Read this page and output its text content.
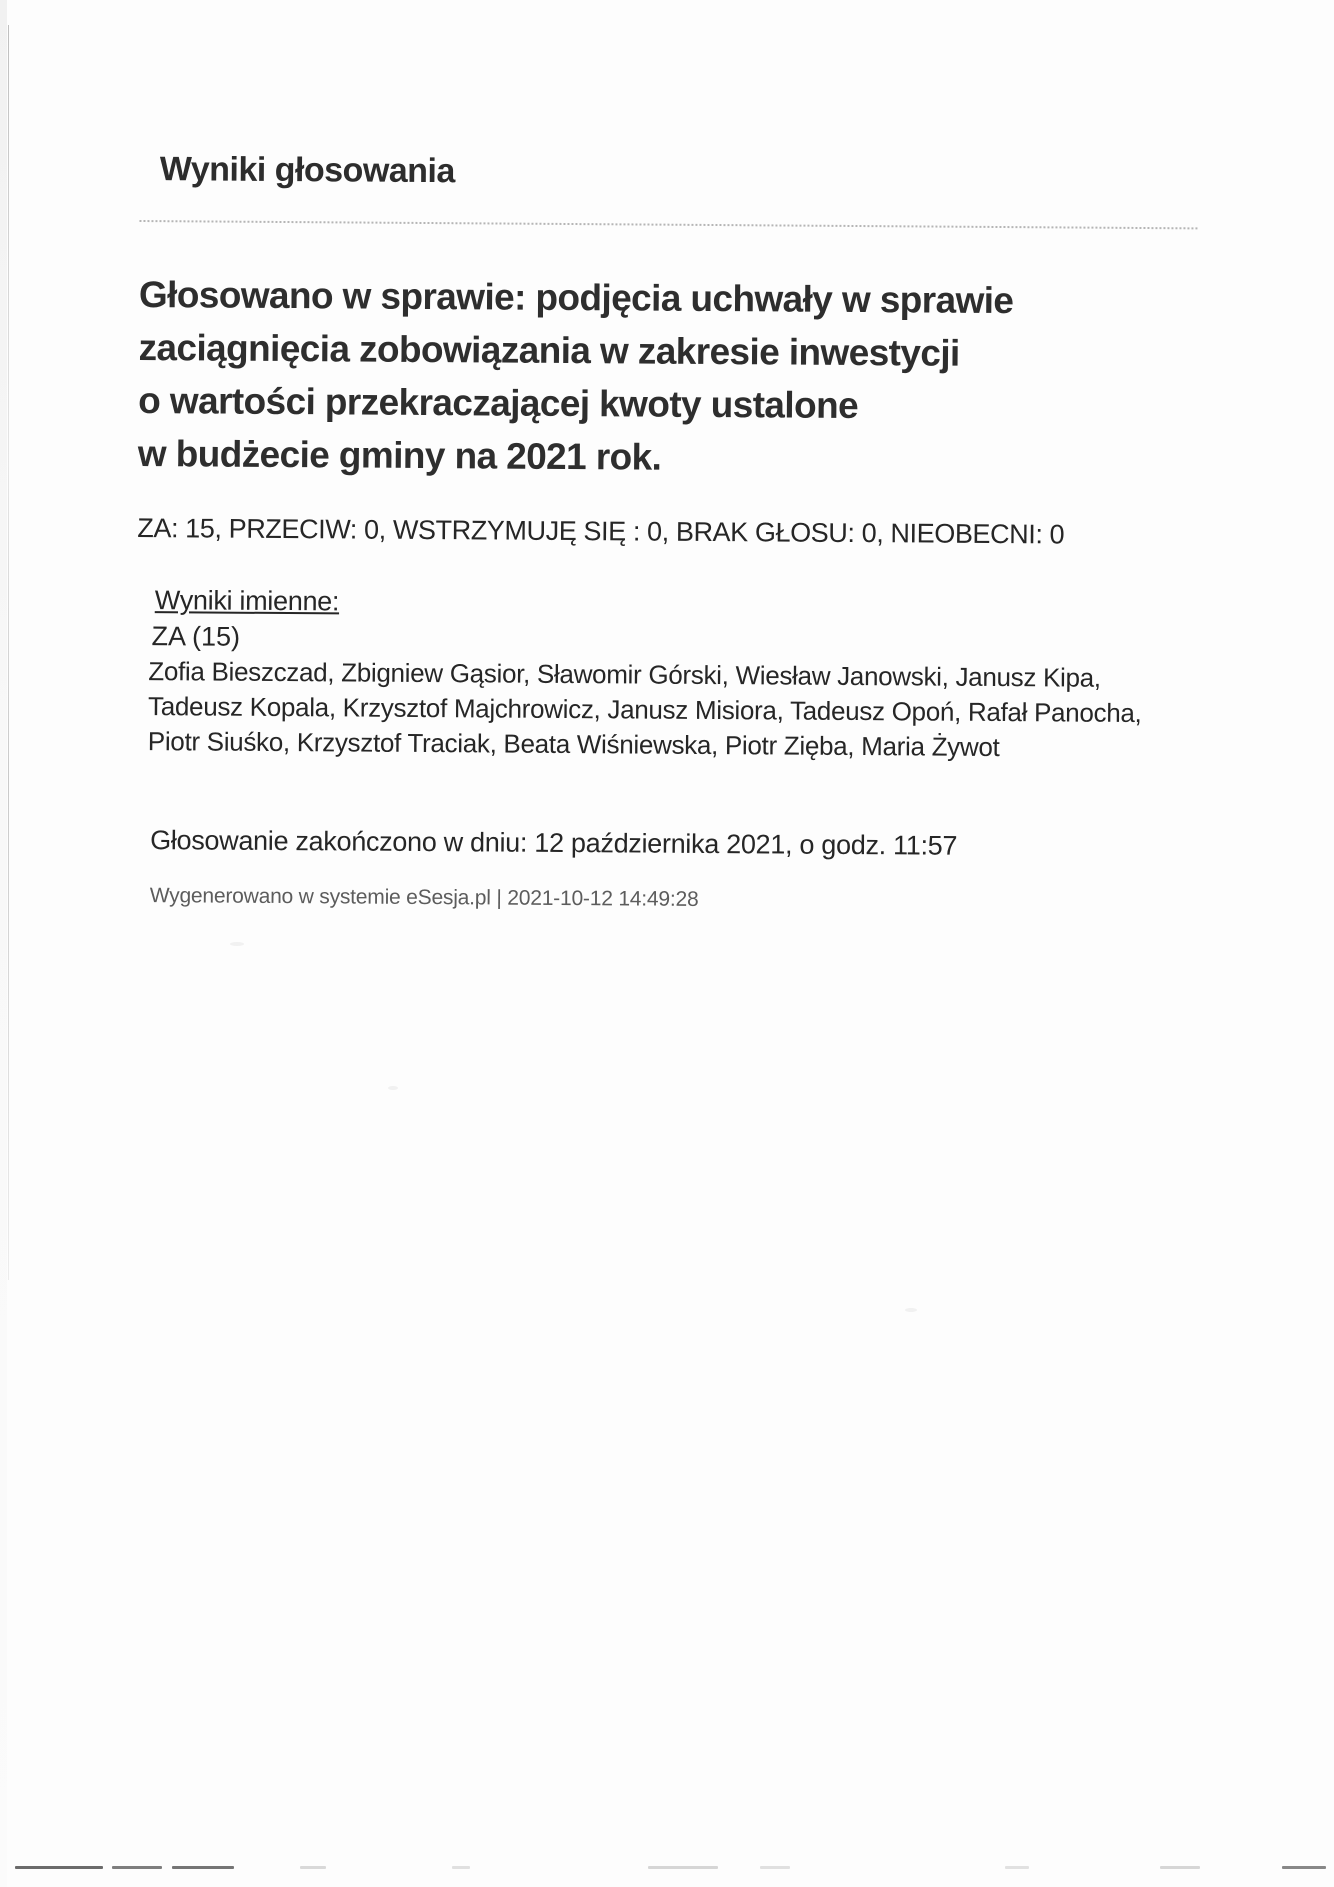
Wyniki głosowania
Głosowano w sprawie: podjęcia uchwały w sprawie
zaciągnięcia zobowiązania w zakresie inwestycji
o wartości przekraczającej kwoty ustalone
w budżecie gminy na 2021 rok.

ZA: 15, PRZECIW: 0, WSTRZYMUJĘ SIĘ : 0, BRAK GŁOSU: 0, NIEOBECNI: 0

Wyniki imienne:

ZA (15)

Zofia Bieszczad, Zbigniew Gąsior, Sławomir Górski, Wiesław Janowski, Janusz Kipa,
Tadeusz Kopala, Krzysztof Majchrowicz, Janusz Misiora, Tadeusz Opoń, Rafał Panocha,
Piotr Siuśko, Krzysztof Traciak, Beata Wiśniewska, Piotr Zięba, Maria Żywot

Głosowanie zakończono w dniu: 12 października 2021, o godz. 11:57

Wygenerowano w systemie eSesja.pl | 2021-10-12 14:49:28
